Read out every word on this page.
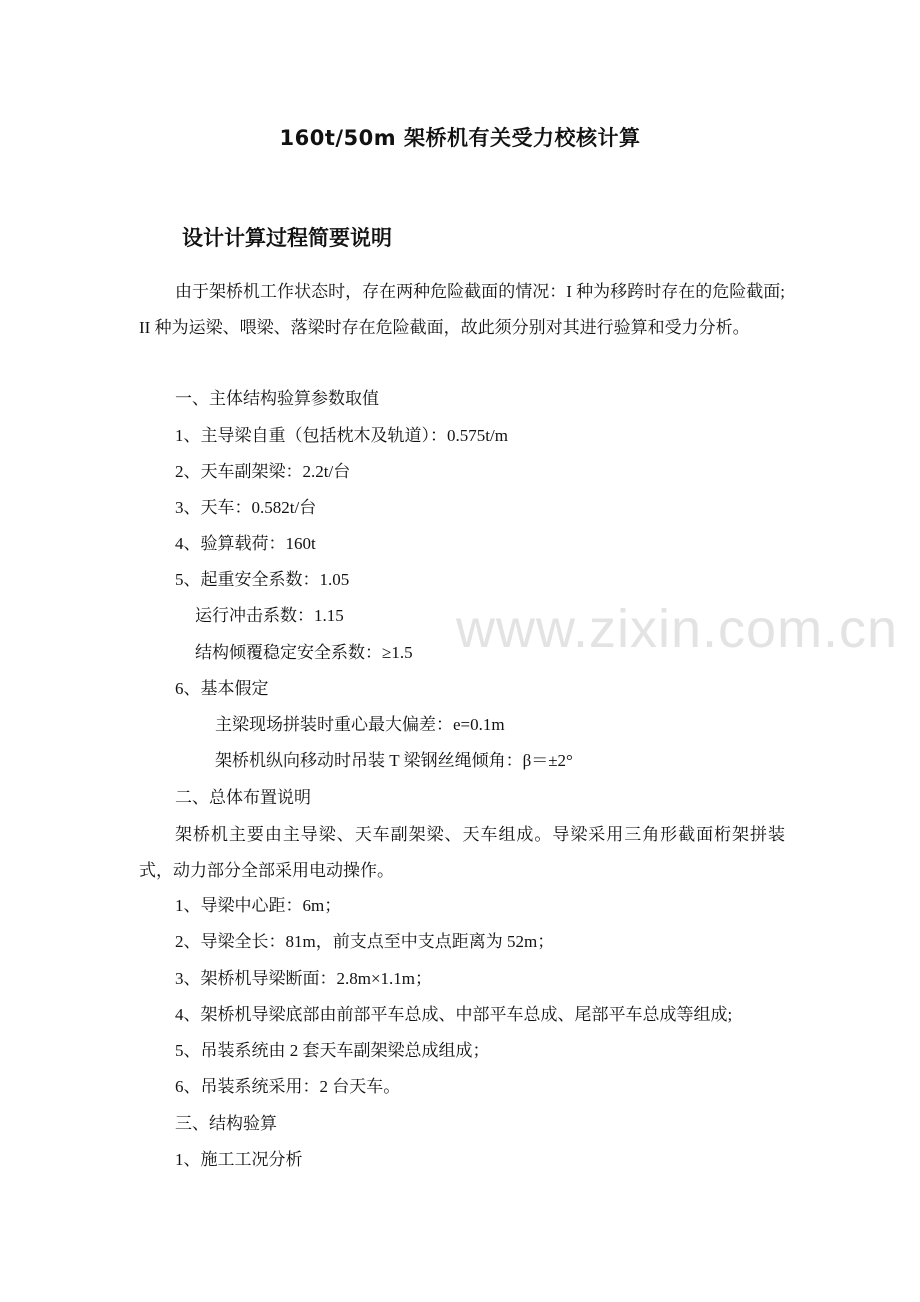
160t/50m 架桥机有关受力校核计算
设计计算过程简要说明
由于架桥机工作状态时，存在两种危险截面的情况：I 种为移跨时存在的危险截面; II 种为运梁、喂梁、落梁时存在危险截面，故此须分别对其进行验算和受力分析。
一、主体结构验算参数取值
1、主导梁自重（包括枕木及轨道）：0.575t/m
2、天车副架梁：2.2t/台
3、天车：0.582t/台
4、验算载荷：160t
5、起重安全系数：1.05
运行冲击系数：1.15
结构倾覆稳定安全系数：≥1.5
6、基本假定
主梁现场拼装时重心最大偏差：e=0.1m
架桥机纵向移动时吊装 T 梁钢丝绳倾角：β＝±2°
二、总体布置说明
架桥机主要由主导梁、天车副架梁、天车组成。导梁采用三角形截面桁架拼装式，动力部分全部采用电动操作。
1、导梁中心距：6m；
2、导梁全长：81m，前支点至中支点距离为 52m；
3、架桥机导梁断面：2.8m×1.1m；
4、架桥机导梁底部由前部平车总成、中部平车总成、尾部平车总成等组成;
5、吊装系统由 2 套天车副架梁总成组成；
6、吊装系统采用：2 台天车。
三、结构验算
1、施工工况分析
www.zixin.com.cn
